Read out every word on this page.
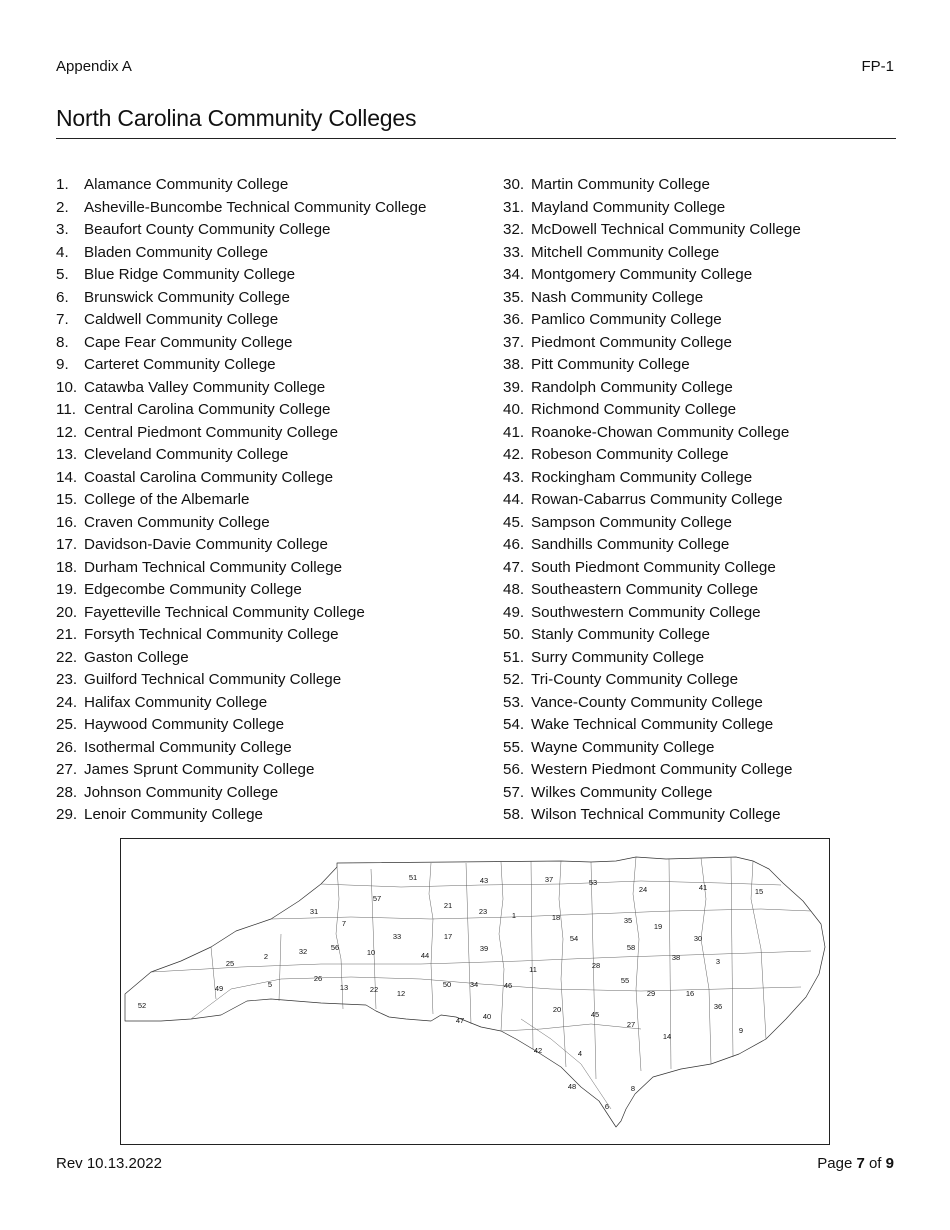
Appendix A	FP-1
North Carolina Community Colleges
1. Alamance Community College
2. Asheville-Buncombe Technical Community College
3. Beaufort County Community College
4. Bladen Community College
5. Blue Ridge Community College
6. Brunswick Community College
7. Caldwell Community College
8. Cape Fear Community College
9. Carteret Community College
10. Catawba Valley Community College
11. Central Carolina Community College
12. Central Piedmont Community College
13. Cleveland Community College
14. Coastal Carolina Community College
15. College of the Albemarle
16. Craven Community College
17. Davidson-Davie Community College
18. Durham Technical Community College
19. Edgecombe Community College
20. Fayetteville Technical Community College
21. Forsyth Technical Community College
22. Gaston College
23. Guilford Technical Community College
24. Halifax Community College
25. Haywood Community College
26. Isothermal Community College
27. James Sprunt Community College
28. Johnson Community College
29. Lenoir Community College
30. Martin Community College
31. Mayland Community College
32. McDowell Technical Community College
33. Mitchell Community College
34. Montgomery Community College
35. Nash Community College
36. Pamlico Community College
37. Piedmont Community College
38. Pitt Community College
39. Randolph Community College
40. Richmond Community College
41. Roanoke-Chowan Community College
42. Robeson Community College
43. Rockingham Community College
44. Rowan-Cabarrus Community College
45. Sampson Community College
46. Sandhills Community College
47. South Piedmont Community College
48. Southeastern Community College
49. Southwestern Community College
50. Stanly Community College
51. Surry Community College
52. Tri-County Community College
53. Vance-County Community College
54. Wake Technical Community College
55. Wayne Community College
56. Western Piedmont Community College
57. Wilkes Community College
58. Wilson Technical Community College
1
2
3
4
5
6
7
8
9
10
11
12
13
14
15
16
17
18
19
20
21
22
23
24
25
26
27
28
29
30
31
32
33
34
35
36
37
38
39
40
41
42
43
44
45
46
47
48
49	50
51
52
53
54
55
56
57
58
Rev 10.13.2022	Page 7 of 9
